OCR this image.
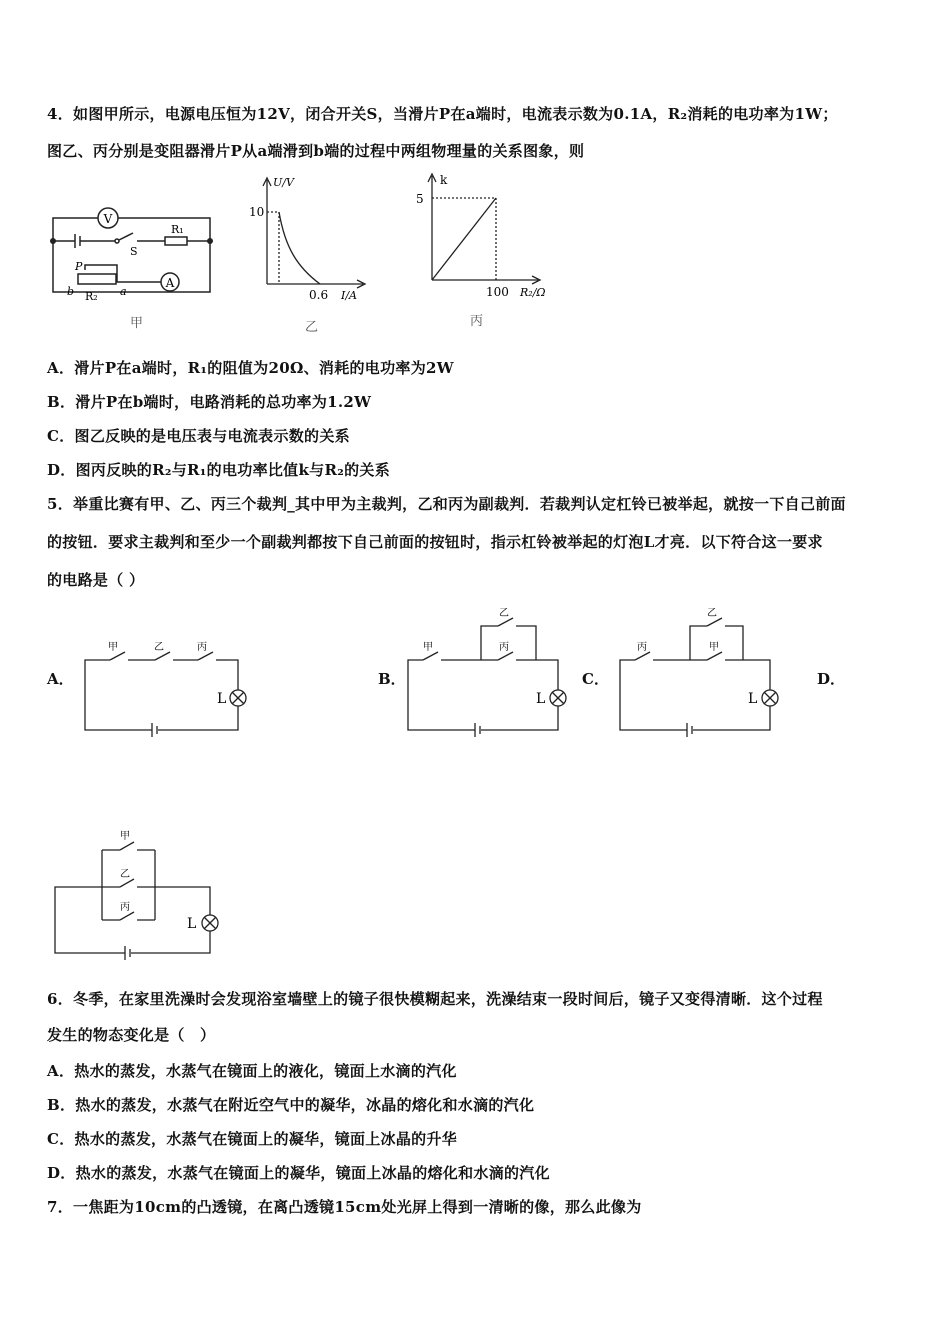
4．如图甲所示，电源电压恒为12V，闭合开关S，当滑片P在a端时，电流表示数为0.1A，R₂消耗的电功率为1W；
图乙、丙分别是变阻器滑片P从a端滑到b端的过程中两组物理量的关系图象，则
V
A
R₁
S
P
R₂
b	a
甲
U/V
10
0.6 I/A
乙
k
5
100 R₂/Ω
丙
A．滑片P在a端时，R₁的阻值为20Ω、消耗的电功率为2W
B．滑片P在b端时，电路消耗的总功率为1.2W
C．图乙反映的是电压表与电流表示数的关系
D．图丙反映的R₂与R₁的电功率比值k与R₂的关系
5．举重比赛有甲、乙、丙三个裁判_其中甲为主裁判，乙和丙为副裁判．若裁判认定杠铃已被举起，就按一下自己前面
的按钮．要求主裁判和至少一个副裁判都按下自己前面的按钮时，指示杠铃被举起的灯泡L才亮．以下符合这一要求
的电路是（ ）
A．	B．	C．	D．
甲	乙	丙
L
甲
乙
丙
L
丙
乙
甲
L
甲
乙
丙
L
6．冬季，在家里洗澡时会发现浴室墙壁上的镜子很快模糊起来，洗澡结束一段时间后，镜子又变得清晰．这个过程
发生的物态变化是（　）
A．热水的蒸发，水蒸气在镜面上的液化，镜面上水滴的汽化
B．热水的蒸发，水蒸气在附近空气中的凝华，冰晶的熔化和水滴的汽化
C．热水的蒸发，水蒸气在镜面上的凝华，镜面上冰晶的升华
D．热水的蒸发，水蒸气在镜面上的凝华，镜面上冰晶的熔化和水滴的汽化
7．一焦距为10cm的凸透镜，在离凸透镜15cm处光屏上得到一清晰的像，那么此像为
